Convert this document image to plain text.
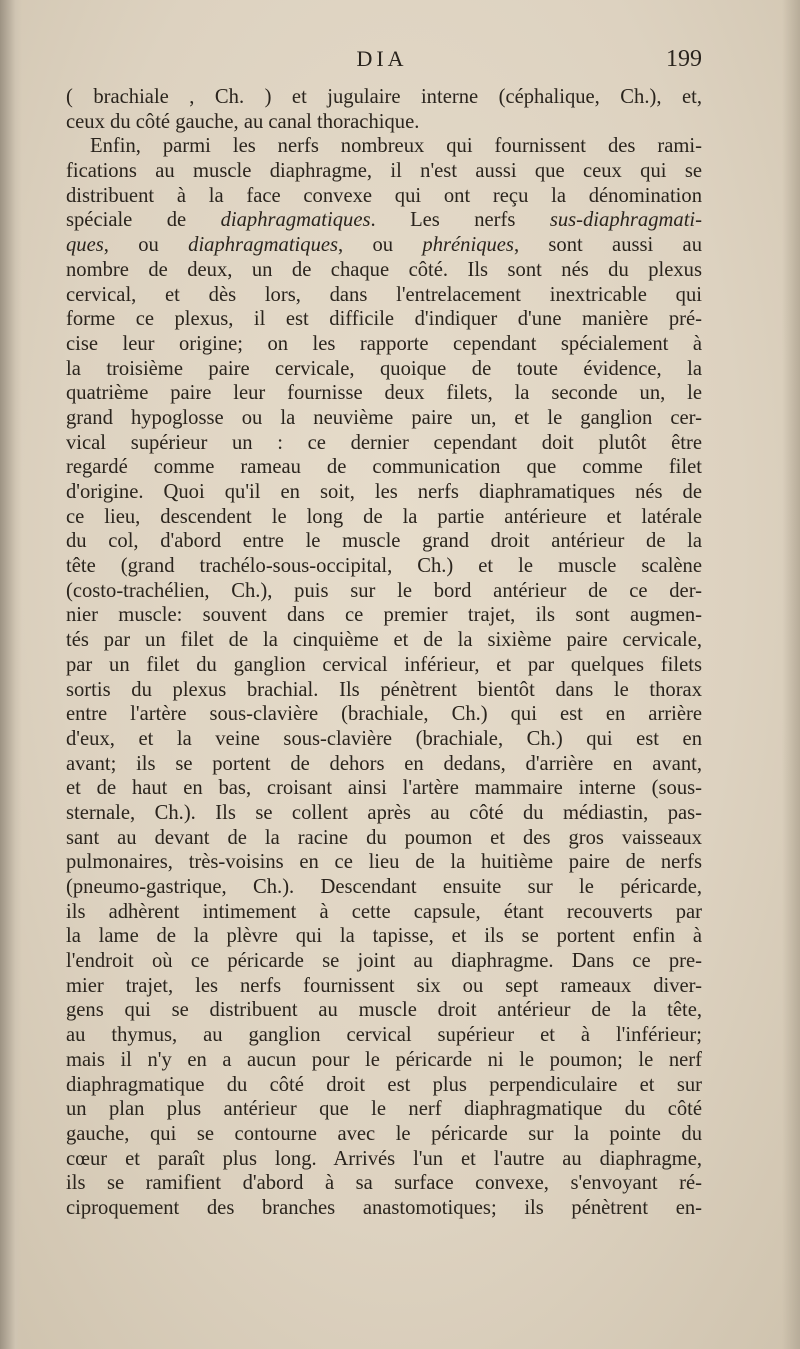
DIA	199
( brachiale , Ch. ) et jugulaire interne (céphalique, Ch.), et,
ceux du côté gauche, au canal thorachique.
Enfin, parmi les nerfs nombreux qui fournissent des rami-
fications au muscle diaphragme, il n'est aussi que ceux qui se
distribuent à la face convexe qui ont reçu la dénomination
spéciale de diaphragmatiques. Les nerfs sus-diaphragmati-
ques, ou diaphragmatiques, ou phréniques, sont aussi au
nombre de deux, un de chaque côté. Ils sont nés du plexus
cervical, et dès lors, dans l'entrelacement inextricable qui
forme ce plexus, il est difficile d'indiquer d'une manière pré-
cise leur origine; on les rapporte cependant spécialement à
la troisième paire cervicale, quoique de toute évidence, la
quatrième paire leur fournisse deux filets, la seconde un, le
grand hypoglosse ou la neuvième paire un, et le ganglion cer-
vical supérieur un : ce dernier cependant doit plutôt être
regardé comme rameau de communication que comme filet
d'origine. Quoi qu'il en soit, les nerfs diaphramatiques nés de
ce lieu, descendent le long de la partie antérieure et latérale
du col, d'abord entre le muscle grand droit antérieur de la
tête (grand trachélo-sous-occipital, Ch.) et le muscle scalène
(costo-trachélien, Ch.), puis sur le bord antérieur de ce der-
nier muscle: souvent dans ce premier trajet, ils sont augmen-
tés par un filet de la cinquième et de la sixième paire cervicale,
par un filet du ganglion cervical inférieur, et par quelques filets
sortis du plexus brachial. Ils pénètrent bientôt dans le thorax
entre l'artère sous-clavière (brachiale, Ch.) qui est en arrière
d'eux, et la veine sous-clavière (brachiale, Ch.) qui est en
avant; ils se portent de dehors en dedans, d'arrière en avant,
et de haut en bas, croisant ainsi l'artère mammaire interne (sous-
sternale, Ch.). Ils se collent après au côté du médiastin, pas-
sant au devant de la racine du poumon et des gros vaisseaux
pulmonaires, très-voisins en ce lieu de la huitième paire de nerfs
(pneumo-gastrique, Ch.). Descendant ensuite sur le péricarde,
ils adhèrent intimement à cette capsule, étant recouverts par
la lame de la plèvre qui la tapisse, et ils se portent enfin à
l'endroit où ce péricarde se joint au diaphragme. Dans ce pre-
mier trajet, les nerfs fournissent six ou sept rameaux diver-
gens qui se distribuent au muscle droit antérieur de la tête,
au thymus, au ganglion cervical supérieur et à l'inférieur;
mais il n'y en a aucun pour le péricarde ni le poumon; le nerf
diaphragmatique du côté droit est plus perpendiculaire et sur
un plan plus antérieur que le nerf diaphragmatique du côté
gauche, qui se contourne avec le péricarde sur la pointe du
cœur et paraît plus long. Arrivés l'un et l'autre au diaphragme,
ils se ramifient d'abord à sa surface convexe, s'envoyant ré-
ciproquement des branches anastomotiques; ils pénètrent en-
